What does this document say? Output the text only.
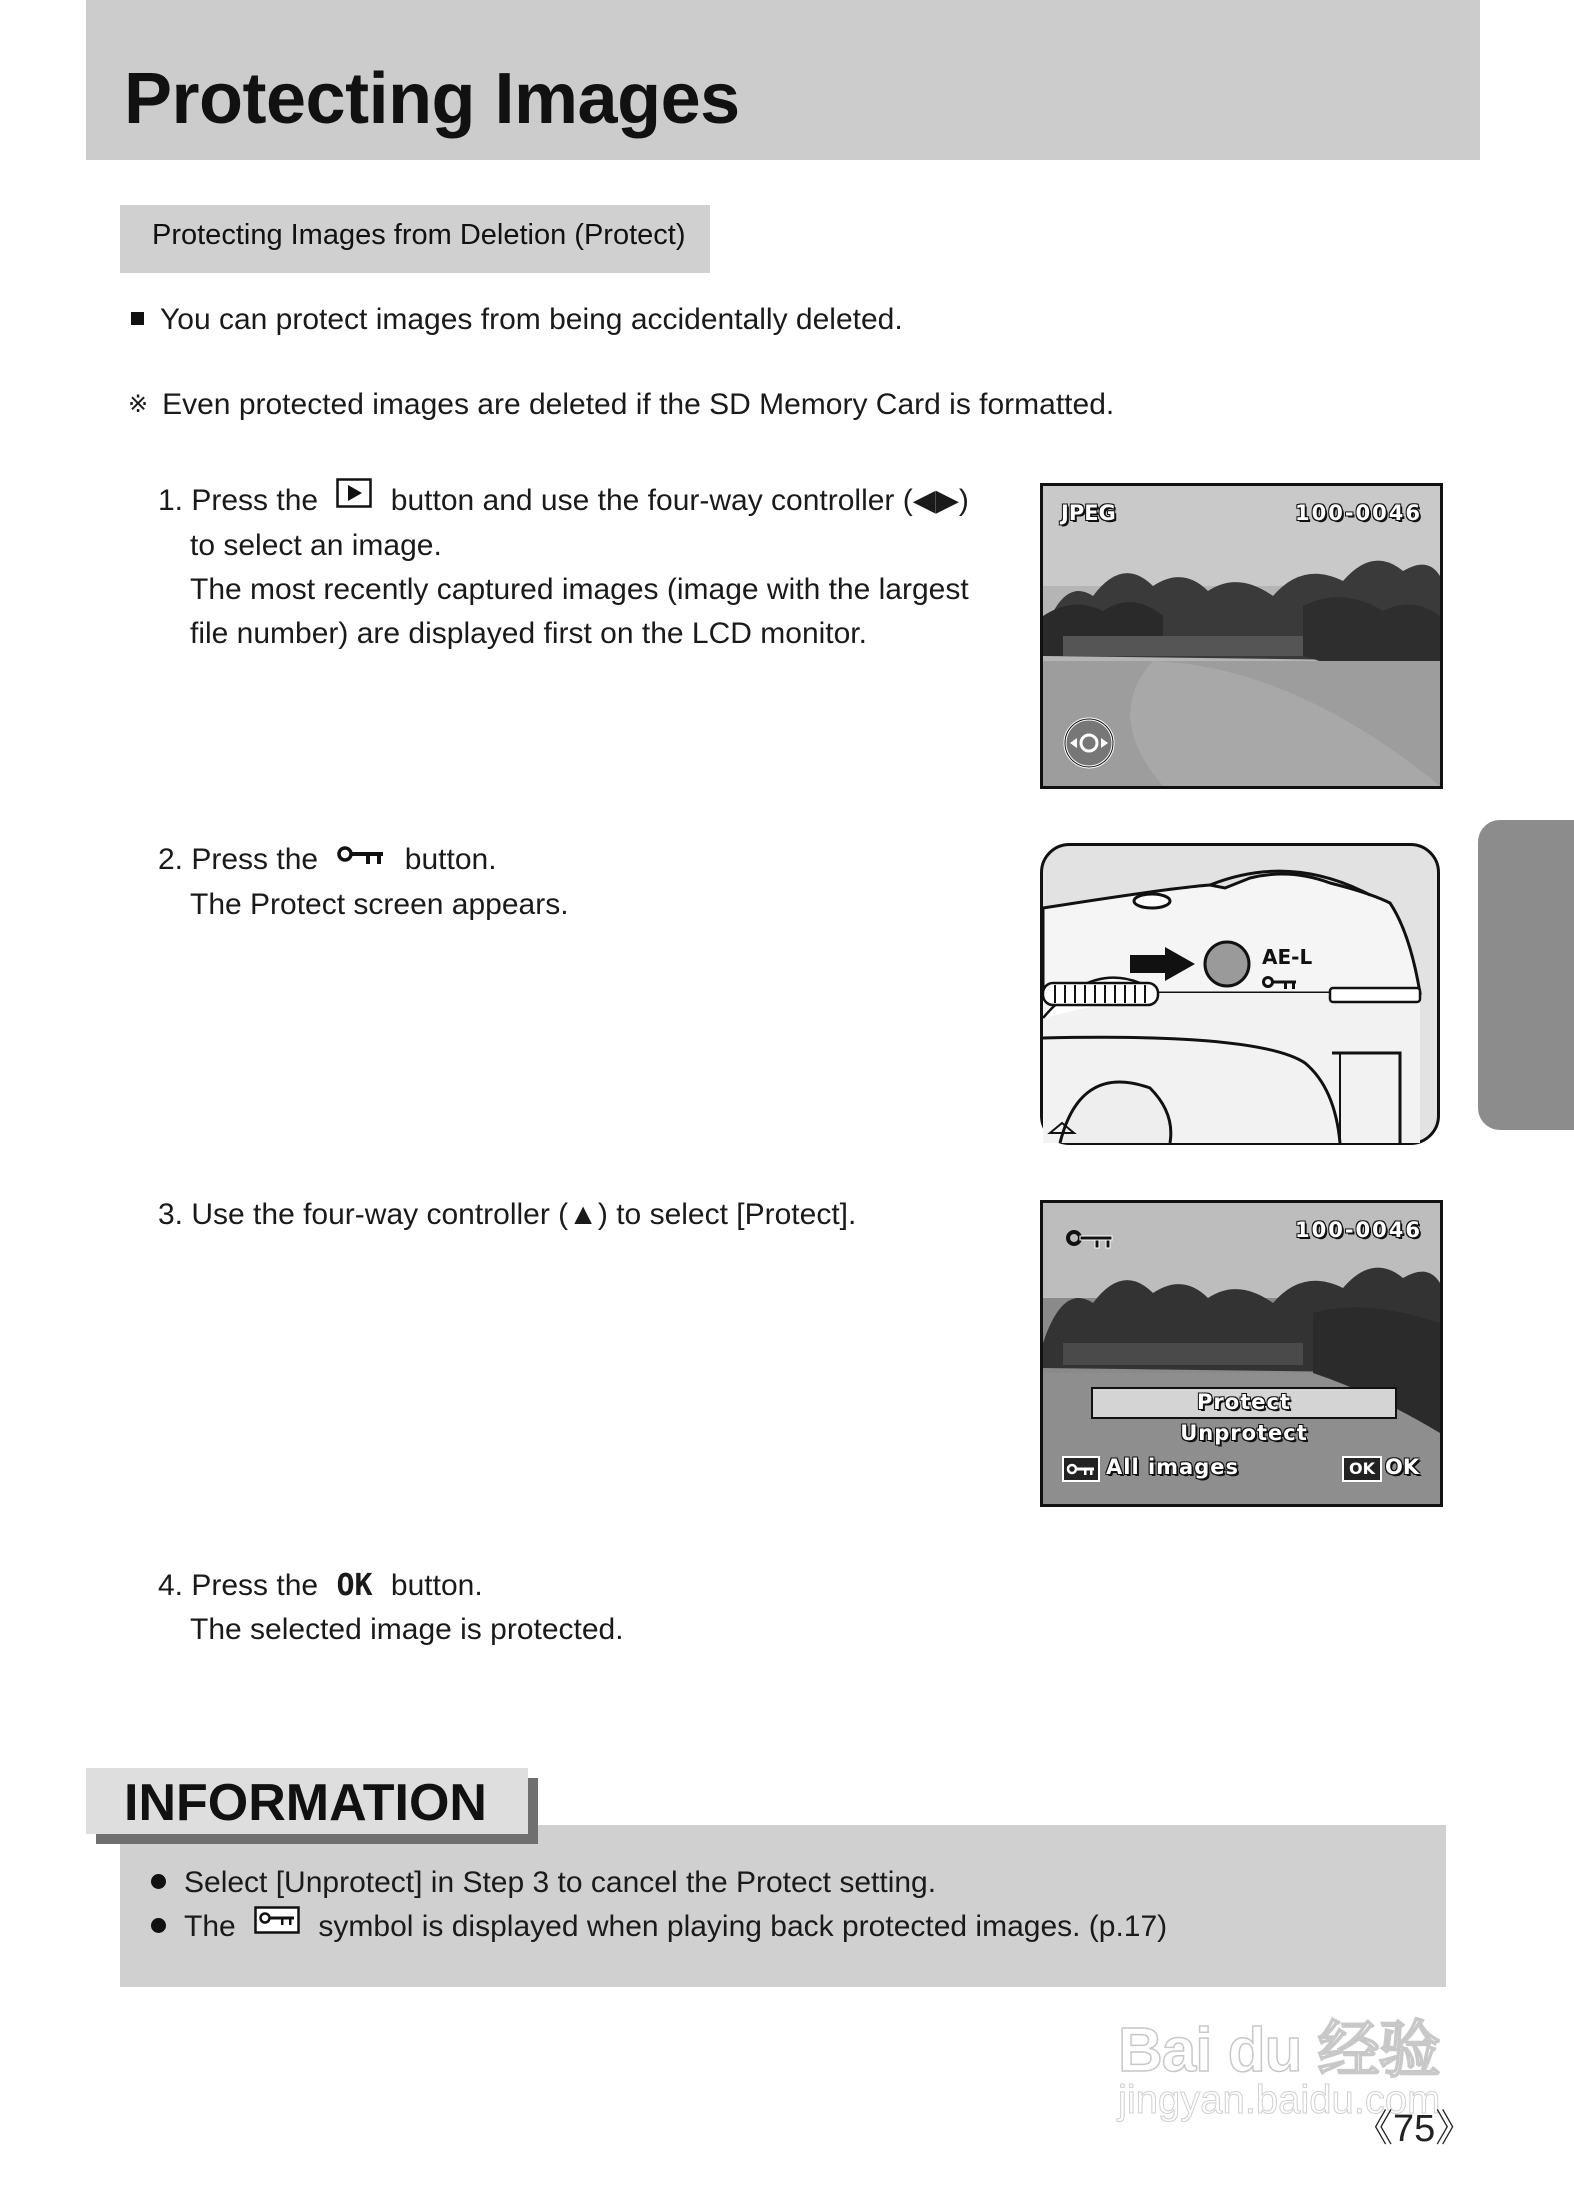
Protecting Images
Protecting Images from Deletion (Protect)
You can protect images from being accidentally deleted.
※ Even protected images are deleted if the SD Memory Card is formatted.
1. Press the button and use the four-way controller (◀▶)
to select an image.
The most recently captured images (image with the largest
file number) are displayed first on the LCD monitor.
2. Press the	button.
The Protect screen appears.
3. Use the four-way controller (▲) to select [Protect].
4. Press the OK button.
The selected image is protected.
JPEG	100-0046
AE-L
100-0046
Protect
Unprotect
All images	OK OK
INFORMATION
Select [Unprotect] in Step 3 to cancel the Protect setting.
The	symbol is displayed when playing back protected images. (p.17)
Bai du 经验
jingyan.baidu.com
《75》
